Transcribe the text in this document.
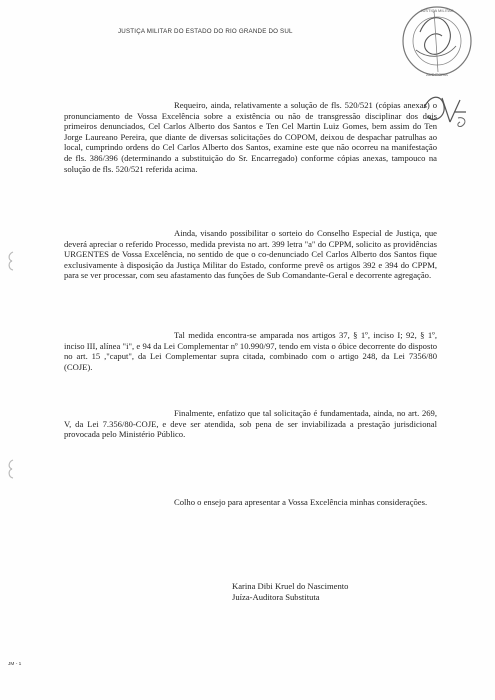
JUSTIÇA MILITAR DO ESTADO DO RIO GRANDE DO SUL
JUSTIÇA MILITAR
AUDITORIA

Requeiro, ainda, relativamente a solução de fls. 520/521 (cópias anexas) o pronunciamento de Vossa Excelência sobre a existência ou não de transgressão disciplinar dos dois primeiros denunciados, Cel Carlos Alberto dos Santos e Ten Cel Martin Luiz Gomes, bem assim do Ten Jorge Laureano Pereira, que diante de diversas solicitações do COPOM, deixou de despachar patrulhas ao local, cumprindo ordens do Cel Carlos Alberto dos Santos, examine este que não ocorreu na manifestação de fls. 386/396 (determinando a substituição do Sr. Encarregado) conforme cópias anexas, tampouco na solução de fls. 520/521 referida acima.

Ainda, visando possibilitar o sorteio do Conselho Especial de Justiça, que deverá apreciar o referido Processo, medida prevista no art. 399 letra "a" do CPPM, solicito as providências URGENTES de Vossa Excelência, no sentido de que o co-denunciado Cel Carlos Alberto dos Santos fique exclusivamente à disposição da Justiça Militar do Estado, conforme prevê os artigos 392 e 394 do CPPM, para se ver processar, com seu afastamento das funções de Sub Comandante-Geral e decorrente agregação.

Tal medida encontra-se amparada nos artigos 37, § 1º, inciso I; 92, § 1º, inciso III, alínea "i", e 94 da Lei Complementar nº 10.990/97, tendo em vista o óbice decorrente do disposto no art. 15 ,"caput", da Lei Complementar supra citada, combinado com o artigo 248, da Lei 7356/80 (COJE).

Finalmente, enfatizo que tal solicitação é fundamentada, ainda, no art. 269, V, da Lei 7.356/80-COJE, e deve ser atendida, sob pena de ser inviabilizada a prestação jurisdicional provocada pelo Ministério Público.

Colho o ensejo para apresentar a Vossa Excelência minhas considerações.

Karina Dibi Kruel do Nascimento
Juíza-Auditora Substituta
JM - 1
